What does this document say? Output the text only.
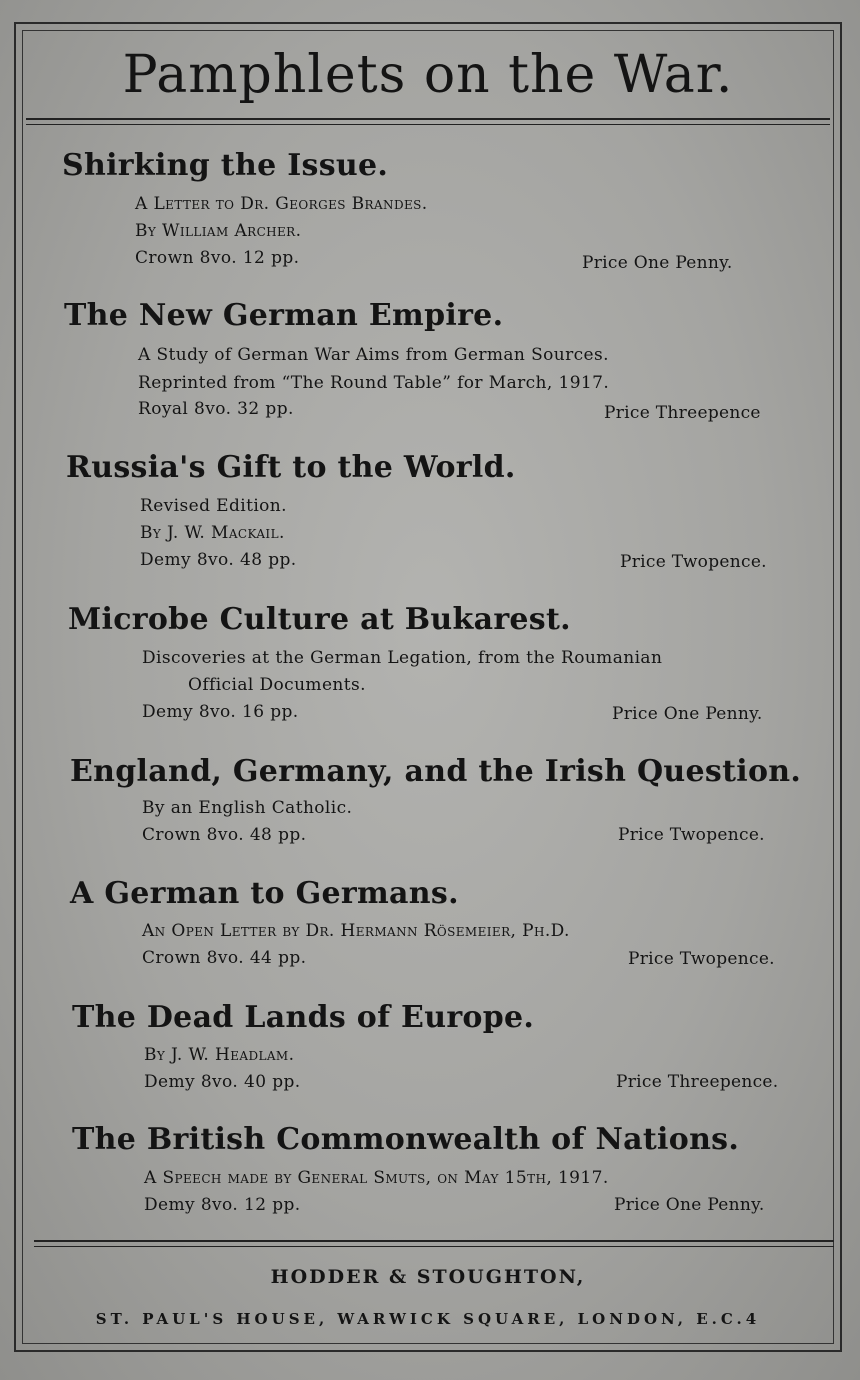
Pamphlets on the War.
Shirking the Issue.
A Letter to Dr. Georges Brandes.
By William Archer.
Crown 8vo. 12 pp.	Price One Penny.
The New German Empire.
A Study of German War Aims from German Sources.
Reprinted from “The Round Table” for March, 1917.
Royal 8vo. 32 pp.	Price Threepence
Russia's Gift to the World.
Revised Edition.
By J. W. Mackail.
Demy 8vo. 48 pp.	Price Twopence.
Microbe Culture at Bukarest.
Discoveries at the German Legation, from the Roumanian
Official Documents.
Demy 8vo. 16 pp.	Price One Penny.
England, Germany, and the Irish Question.
By an English Catholic.
Crown 8vo. 48 pp.	Price Twopence.
A German to Germans.
An Open Letter by Dr. Hermann Rösemeier, Ph.D.
Crown 8vo. 44 pp.	Price Twopence.
The Dead Lands of Europe.
By J. W. Headlam.
Demy 8vo. 40 pp.	Price Threepence.
The British Commonwealth of Nations.
A Speech made by General Smuts, on May 15th, 1917.
Demy 8vo. 12 pp.	Price One Penny.
HODDER & STOUGHTON,
ST. PAUL'S HOUSE, WARWICK SQUARE, LONDON, E.C.4
